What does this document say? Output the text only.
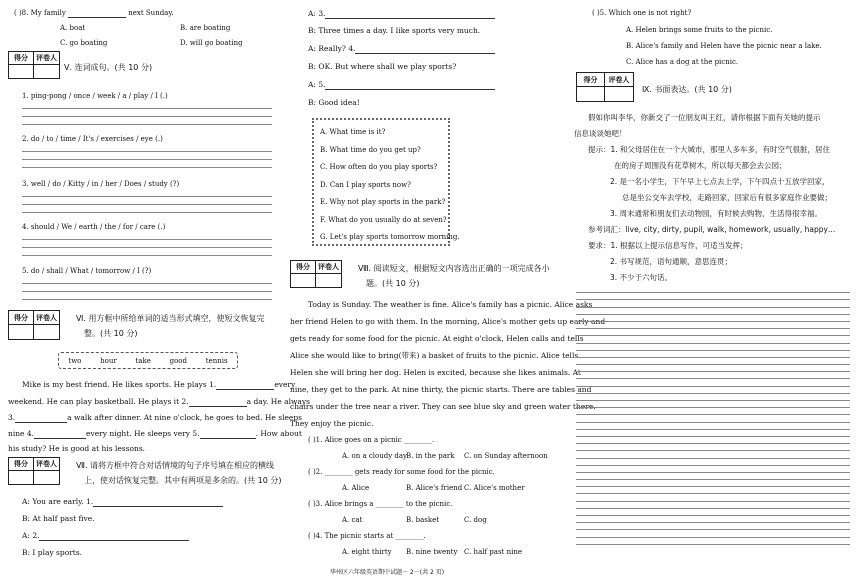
( )8. My family	next Sunday.
A. boat	B. are boating
C. go boating	D. will go boating
得分	评卷人
Ⅴ. 连词成句。(共 10 分)
1. ping-pong / once / week / a / play / I (.)
2. do / to / time / It's / exercises / eye (.)
3. well / do / Kitty / in / her / Does / study (?)
4. should / We / earth / the / for / care (.)
5. do / shall / What / tomorrow / I (?)
得分	评卷人 Ⅵ. 用方框中所给单词的适当形式填空，使短文恢复完
整。(共 10 分)
two	hour	take	good	tennis
Mike is my best friend. He likes sports. He plays 1.	every
weekend. He can play basketball. He plays it 2.	a day. He always
3.	a walk after dinner. At nine o'clock, he goes to bed. He sleeps
nine 4.	every night. He sleeps very 5.	. How about
his study? He is good at his lessons.
得分	评卷人 Ⅶ. 请将方框中符合对话情境的句子序号填在相应的横线
上，使对话恢复完整。其中有两项是多余的。(共 10 分)
A: You are early. 1.
B: At half past five.
A: 2.
B: I play sports.
A: 3.
B: Three times a day. I like sports very much.
A: Really? 4.
B: OK. But where shall we play sports?
A: 5.
B: Good idea!

A. What time is it?

B. What time do you get up?

C. How often do you play sports?

D. Can I play sports now?

E. Why not play sports in the park?

F. What do you usually do at seven?

G. Let's play sports tomorrow morning.

得分	评卷人 Ⅷ. 阅读短文，根据短文内容选出正确的一项完成各小
题。(共 10 分)
Today is Sunday. The weather is fine. Alice's family has a picnic. Alice asks
her friend Helen to go with them. In the morning, Alice's mother gets up early and
gets ready for some food for the picnic. At eight o'clock, Helen calls and tells
Alice she would like to bring(带来) a basket of fruits to the picnic. Alice tells
Helen she will bring her dog. Helen is excited, because she likes animals. At
nine, they get to the park. At nine thirty, the picnic starts. There are tables and
chairs under the tree near a river. They can see blue sky and green water there.
They enjoy the picnic.
( )1. Alice goes on a picnic ________.
A. on a cloudy day
B. in the park	C. on Sunday afternoon
( )2. ________ gets ready for some food for the picnic.
A. Alice	B. Alice's friend C. Alice's mother
( )3. Alice brings a ________ to the picnic.
A. cat	B. basket	C. dog
( )4. The picnic starts at ________.
A. eight thirty	B. nine twenty C. half past nine
华州区六年级英语期中试题－ 2－(共 2 页)
( )5. Which one is not right?
A. Helen brings some fruits to the picnic.
B. Alice's family and Helen have the picnic near a lake.
C. Alice has a dog at the picnic.
得分	评卷人
Ⅸ. 书面表达。(共 10 分)
假如你叫李华，你新交了一位朋友叫王红，请你根据下面有关她的提示
信息谈谈她吧！
提示：1. 和父母居住在一个大城市，那里人多车多，有时空气很脏，居住
在的房子周围没有花草树木，所以每天都会去公园；
2. 是一名小学生，下午早上七点去上学，下午四点十五放学回家，
总是坐公交车去学校，走路回家，回家后有很多家庭作业要做；
3. 周末通常和朋友们去动物园，有时候去购物，生活得很幸福。
参考词汇：live, city, dirty, pupil, walk, homework, usually, happy…
要求：1. 根据以上提示信息写作，可适当发挥；
2. 书写规范，语句通顺，意思连贯；
3. 不少于六句话。
